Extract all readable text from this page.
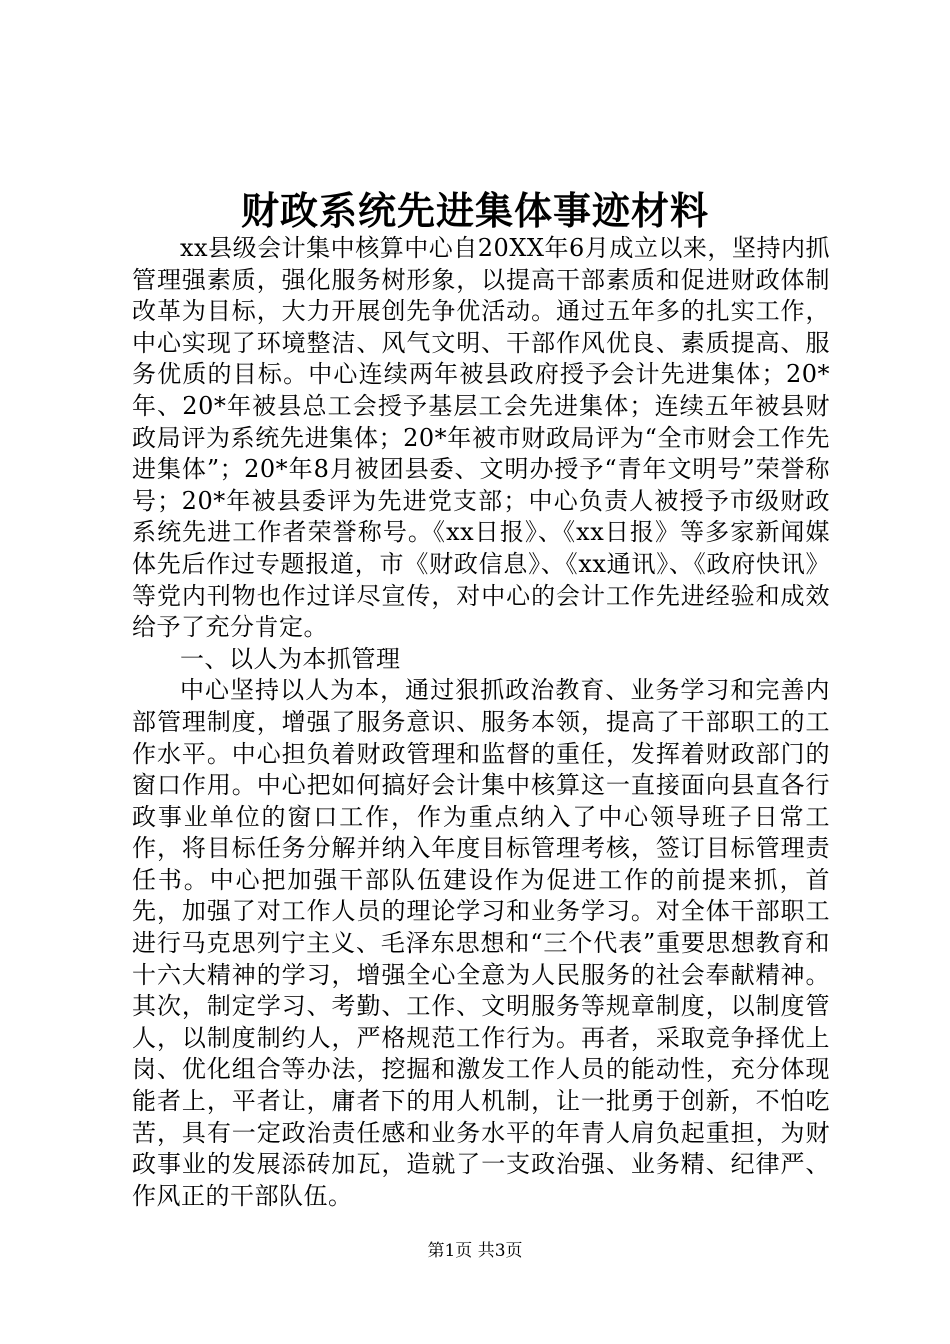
财政系统先进集体事迹材料

xx县级会计集中核算中心自20XX年6月成立以来，坚持内抓管理强素质，强化服务树形象，以提高干部素质和促进财政体制改革为目标，大力开展创先争优活动。通过五年多的扎实工作，中心实现了环境整洁、风气文明、干部作风优良、素质提高、服务优质的目标。中心连续两年被县政府授予会计先进集体；20*年、20*年被县总工会授予基层工会先进集体；连续五年被县财政局评为系统先进集体；20*年被市财政局评为“全市财会工作先进集体”；20*年8月被团县委、文明办授予“青年文明号”荣誉称号；20*年被县委评为先进党支部；中心负责人被授予市级财政系统先进工作者荣誉称号。《xx日报》、《xx日报》等多家新闻媒体先后作过专题报道，市《财政信息》、《xx通讯》、《政府快讯》等党内刊物也作过详尽宣传，对中心的会计工作先进经验和成效给予了充分肯定。

一、以人为本抓管理

中心坚持以人为本，通过狠抓政治教育、业务学习和完善内部管理制度，增强了服务意识、服务本领，提高了干部职工的工作水平。中心担负着财政管理和监督的重任，发挥着财政部门的窗口作用。中心把如何搞好会计集中核算这一直接面向县直各行政事业单位的窗口工作，作为重点纳入了中心领导班子日常工作，将目标任务分解并纳入年度目标管理考核，签订目标管理责任书。中心把加强干部队伍建设作为促进工作的前提来抓，首先，加强了对工作人员的理论学习和业务学习。对全体干部职工进行马克思列宁主义、毛泽东思想和“三个代表”重要思想教育和十六大精神的学习，增强全心全意为人民服务的社会奉献精神。其次，制定学习、考勤、工作、文明服务等规章制度，以制度管人，以制度制约人，严格规范工作行为。再者，采取竞争择优上岗、优化组合等办法，挖掘和激发工作人员的能动性，充分体现能者上，平者让，庸者下的用人机制，让一批勇于创新，不怕吃苦，具有一定政治责任感和业务水平的年青人肩负起重担，为财政事业的发展添砖加瓦，造就了一支政治强、业务精、纪律严、作风正的干部队伍。

第1页 共3页
